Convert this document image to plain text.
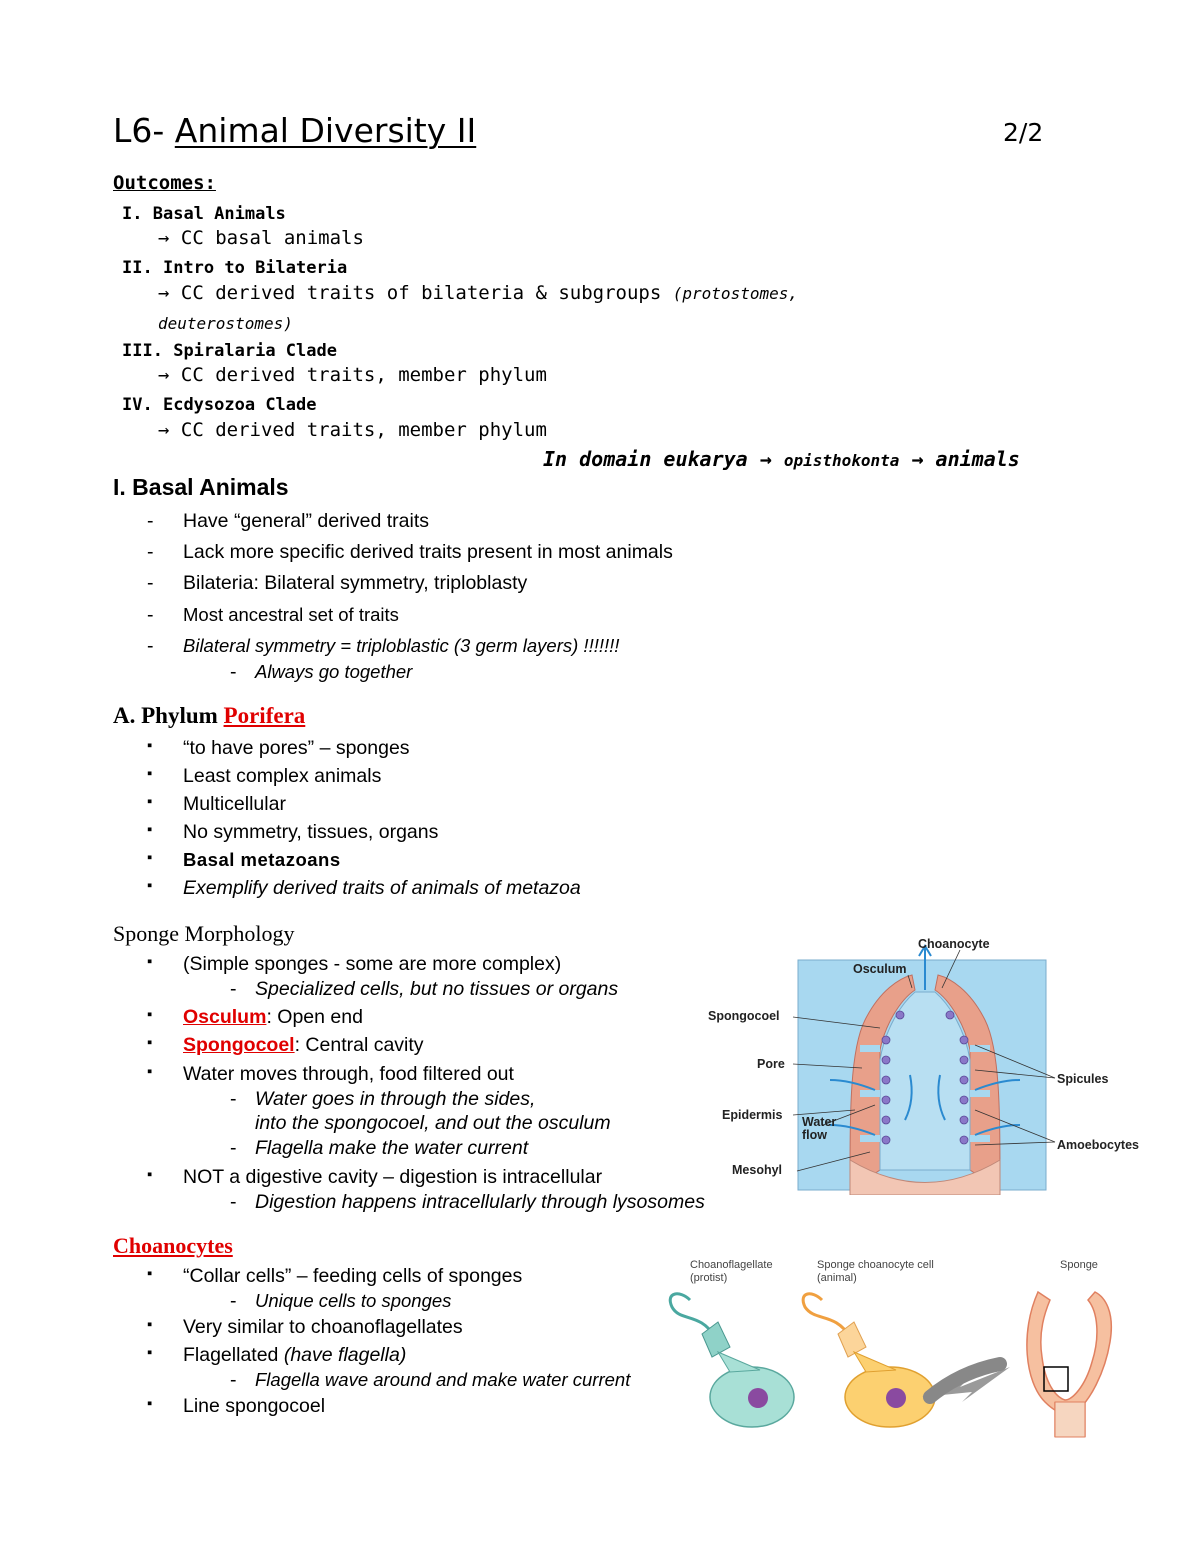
L6- Animal Diversity II	2/2
Outcomes:
I. Basal Animals
→ CC basal animals
II. Intro to Bilateria
→ CC derived traits of bilateria & subgroups (protostomes,
deuterostomes)
III. Spiralaria Clade
→ CC derived traits, member phylum
IV. Ecdysozoa Clade
→ CC derived traits, member phylum
In domain eukarya → opisthokonta → animals
I. Basal Animals
- Have “general” derived traits
- Lack more specific derived traits present in most animals
- Bilateria: Bilateral symmetry, triploblasty
- Most ancestral set of traits
- Bilateral symmetry = triploblastic (3 germ layers) !!!!!!!
- Always go together
A. Phylum Porifera
▪ “to have pores” – sponges
▪ Least complex animals
▪ Multicellular
▪ No symmetry, tissues, organs
▪ Basal metazoans
▪ Exemplify derived traits of animals of metazoa
Sponge Morphology
▪ (Simple sponges - some are more complex)
- Specialized cells, but no tissues or organs
▪ Osculum: Open end
▪ Spongocoel: Central cavity
▪ Water moves through, food filtered out
- Water goes in through the sides,
into the spongocoel, and out the osculum
- Flagella make the water current
▪ NOT a digestive cavity – digestion is intracellular
- Digestion happens intracellularly through lysosomes
Choanocyte
Osculum
Spongocoel
Pore
Epidermis Water
flow
Mesohyl
Spicules
Amoebocytes
Choanocytes
▪ “Collar cells” – feeding cells of sponges
- Unique cells to sponges
▪ Very similar to choanoflagellates
▪ Flagellated (have flagella)
- Flagella wave around and make water current
▪ Line spongocoel
Choanoflagellate
(protist)
Sponge choanocyte cell
(animal)
Sponge
